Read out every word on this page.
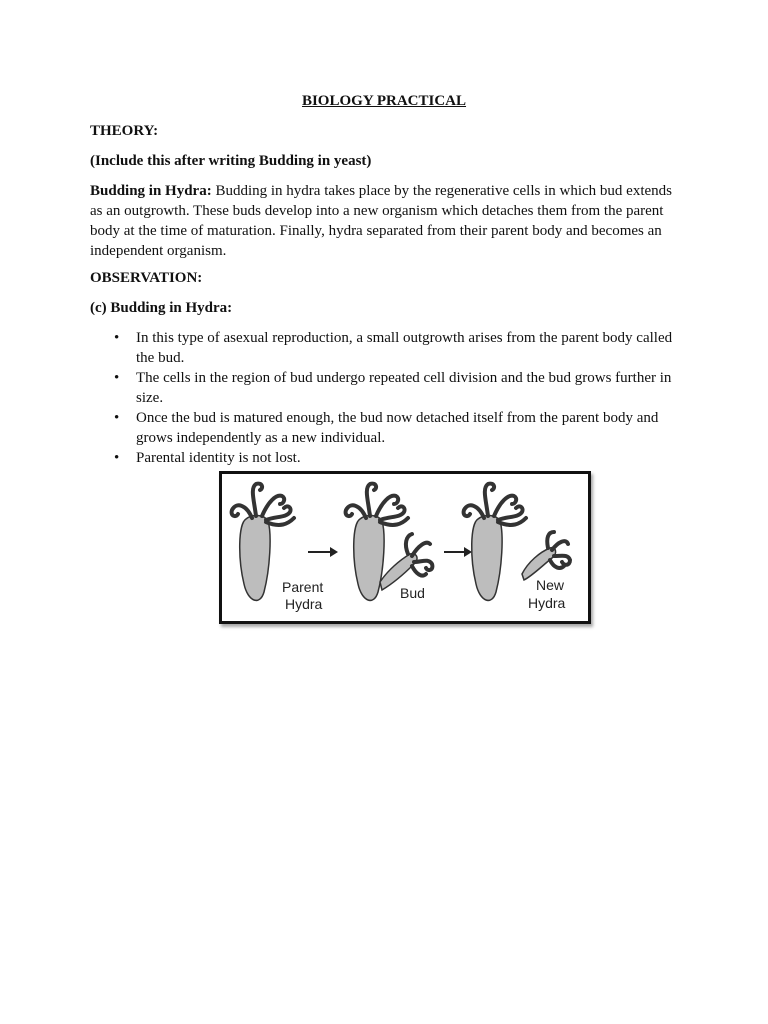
BIOLOGY PRACTICAL
THEORY:
(Include this after writing Budding in yeast)
Budding in Hydra: Budding in hydra takes place by the regenerative cells in which bud extends as an outgrowth. These buds develop into a new organism which detaches them from the parent body at the time of maturation. Finally, hydra separated from their parent body and becomes an independent organism.
OBSERVATION:
(c) Budding in Hydra:
• In this type of asexual reproduction, a small outgrowth arises from the parent body called the bud.
• The cells in the region of bud undergo repeated cell division and the bud grows further in size.
• Once the bud is matured enough, the bud now detached itself from the parent body and grows independently as a new individual.
• Parental identity is not lost.
Parent
Hydra
Bud	New
Hydra
